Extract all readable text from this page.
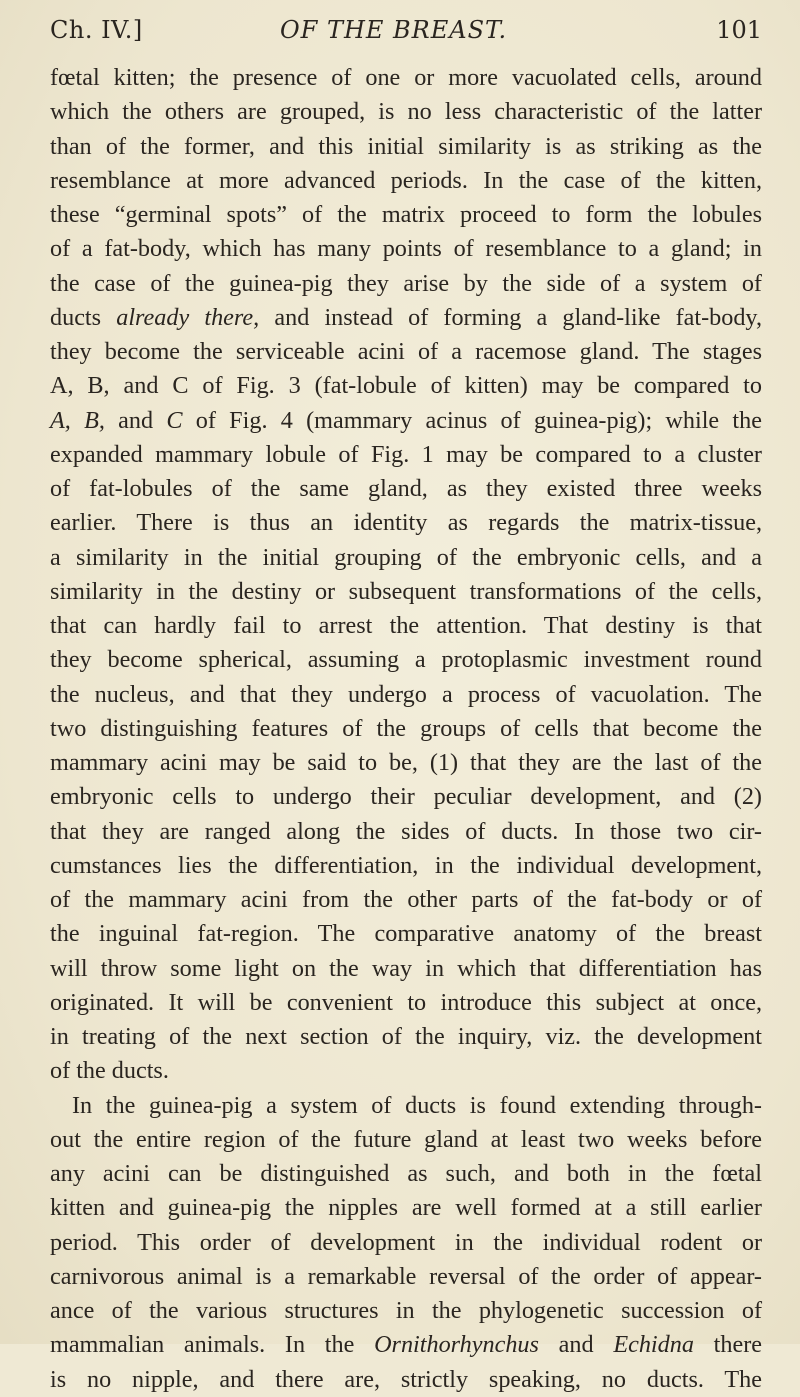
Ch. IV.]	OF THE BREAST.	101
fœtal kitten; the presence of one or more vacuolated cells, around
which the others are grouped, is no less characteristic of the latter
than of the former, and this initial similarity is as striking as the
resemblance at more advanced periods. In the case of the kitten,
these “germinal spots” of the matrix proceed to form the lobules
of a fat-body, which has many points of resemblance to a gland; in
the case of the guinea-pig they arise by the side of a system of
ducts already there, and instead of forming a gland-like fat-body,
they become the serviceable acini of a racemose gland. The stages
A, B, and C of Fig. 3 (fat-lobule of kitten) may be compared to
A, B, and C of Fig. 4 (mammary acinus of guinea-pig); while the
expanded mammary lobule of Fig. 1 may be compared to a cluster
of fat-lobules of the same gland, as they existed three weeks
earlier. There is thus an identity as regards the matrix-tissue,
a similarity in the initial grouping of the embryonic cells, and a
similarity in the destiny or subsequent transformations of the cells,
that can hardly fail to arrest the attention. That destiny is that
they become spherical, assuming a protoplasmic investment round
the nucleus, and that they undergo a process of vacuolation. The
two distinguishing features of the groups of cells that become the
mammary acini may be said to be, (1) that they are the last of the
embryonic cells to undergo their peculiar development, and (2)
that they are ranged along the sides of ducts. In those two cir-
cumstances lies the differentiation, in the individual development,
of the mammary acini from the other parts of the fat-body or of
the inguinal fat-region. The comparative anatomy of the breast
will throw some light on the way in which that differentiation has
originated. It will be convenient to introduce this subject at once,
in treating of the next section of the inquiry, viz. the development
of the ducts.
In the guinea-pig a system of ducts is found extending through-
out the entire region of the future gland at least two weeks before
any acini can be distinguished as such, and both in the fœtal
kitten and guinea-pig the nipples are well formed at a still earlier
period. This order of development in the individual rodent or
carnivorous animal is a remarkable reversal of the order of appear-
ance of the various structures in the phylogenetic succession of
mammalian animals. In the Ornithorhynchus and Echidna there
is no nipple, and there are, strictly speaking, no ducts. The
